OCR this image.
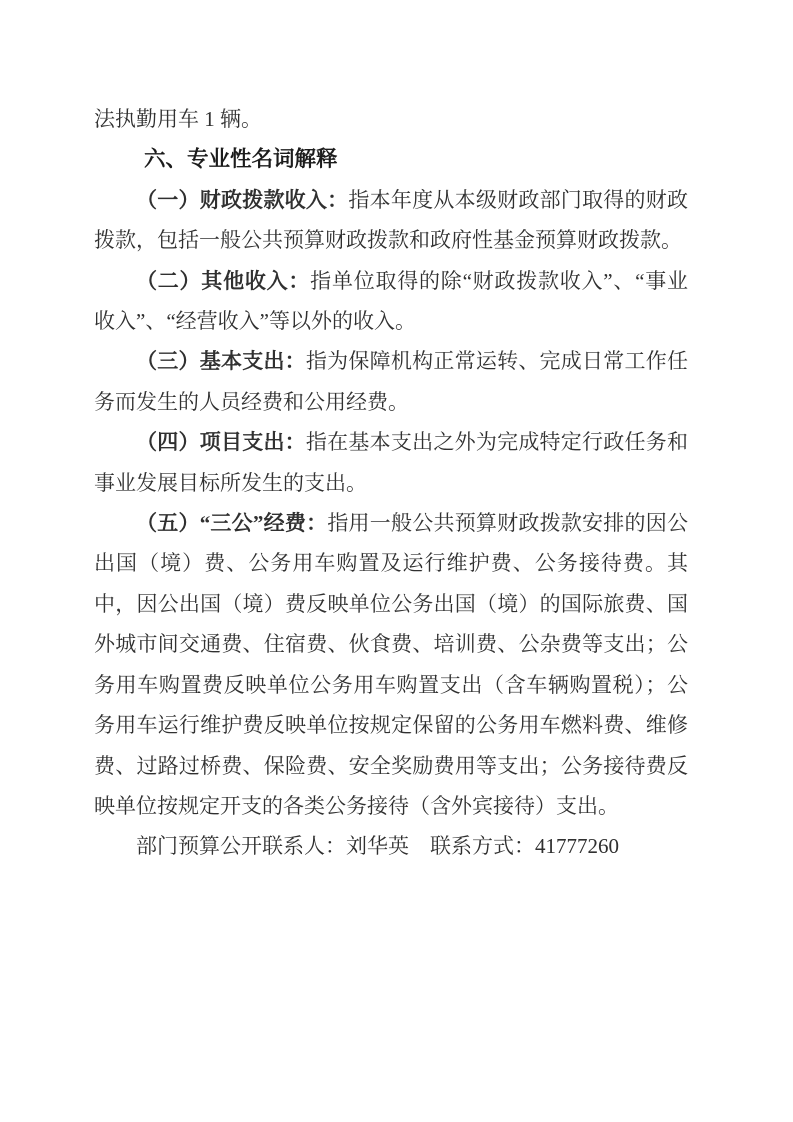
法执勤用车 1 辆。

六、专业性名词解释

（一）财政拨款收入：指本年度从本级财政部门取得的财政拨款，包括一般公共预算财政拨款和政府性基金预算财政拨款。

（二）其他收入：指单位取得的除“财政拨款收入”、“事业收入”、“经营收入”等以外的收入。

（三）基本支出：指为保障机构正常运转、完成日常工作任务而发生的人员经费和公用经费。

（四）项目支出：指在基本支出之外为完成特定行政任务和事业发展目标所发生的支出。

（五）“三公”经费：指用一般公共预算财政拨款安排的因公出国（境）费、公务用车购置及运行维护费、公务接待费。其中，因公出国（境）费反映单位公务出国（境）的国际旅费、国外城市间交通费、住宿费、伙食费、培训费、公杂费等支出；公务用车购置费反映单位公务用车购置支出（含车辆购置税）；公务用车运行维护费反映单位按规定保留的公务用车燃料费、维修费、过路过桥费、保险费、安全奖励费用等支出；公务接待费反映单位按规定开支的各类公务接待（含外宾接待）支出。

部门预算公开联系人：刘华英　联系方式：41777260
